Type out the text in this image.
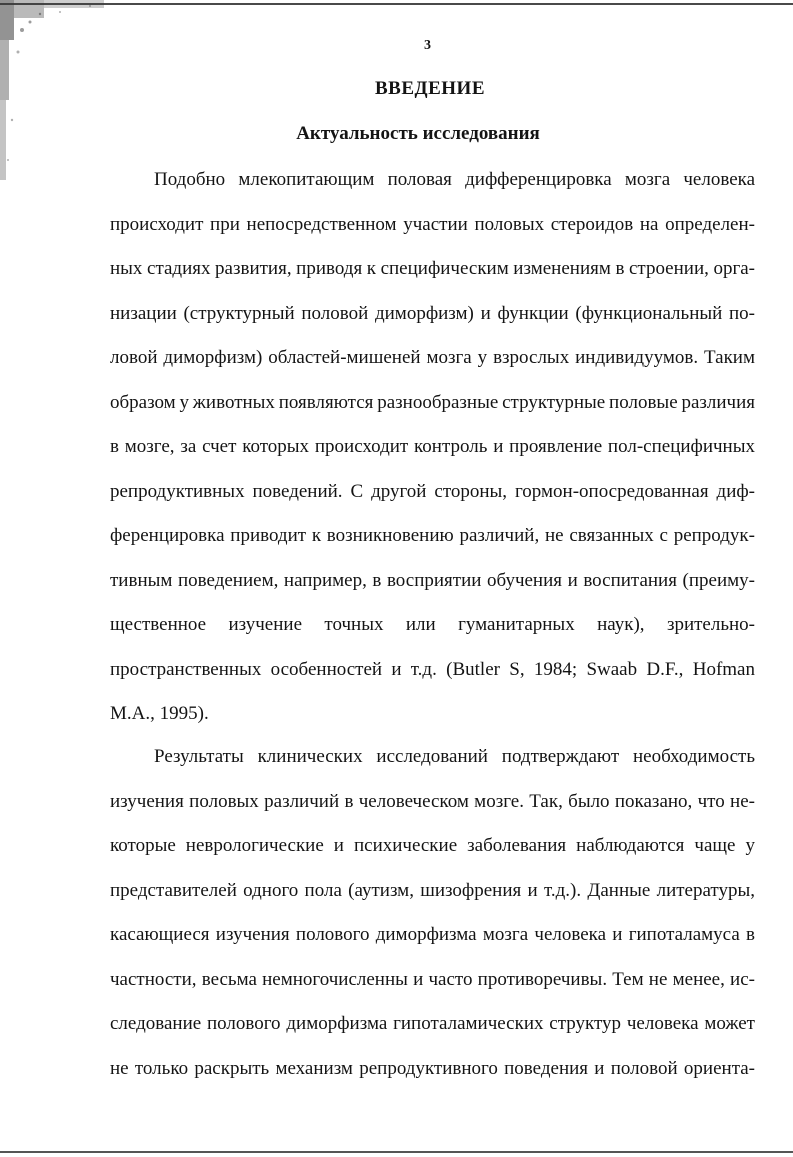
3
ВВЕДЕНИЕ
Актуальность исследования
Подобно млекопитающим половая дифференцировка мозга человека
происходит при непосредственном участии половых стероидов на определен-
ных стадиях развития, приводя к специфическим изменениям в строении, орга-
низации (структурный половой диморфизм) и функции (функциональный по-
ловой диморфизм) областей-мишеней мозга у взрослых индивидуумов. Таким
образом у животных появляются разнообразные структурные половые различия
в мозге, за счет которых происходит контроль и проявление пол-специфичных
репродуктивных поведений. С другой стороны, гормон-опосредованная диф-
ференцировка приводит к возникновению различий, не связанных с репродук-
тивным поведением, например, в восприятии обучения и воспитания (преиму-
щественное изучение точных или гуманитарных наук), зрительно-
пространственных особенностей и т.д. (Butler S, 1984; Swaab D.F., Hofman
M.A., 1995).
Результаты клинических исследований подтверждают необходимость
изучения половых различий в человеческом мозге. Так, было показано, что не-
которые неврологические и психические заболевания наблюдаются чаще у
представителей одного пола (аутизм, шизофрения и т.д.). Данные литературы,
касающиеся изучения полового диморфизма мозга человека и гипоталамуса в
частности, весьма немногочисленны и часто противоречивы. Тем не менее, ис-
следование полового диморфизма гипоталамических структур человека может
не только раскрыть механизм репродуктивного поведения и половой ориента-
